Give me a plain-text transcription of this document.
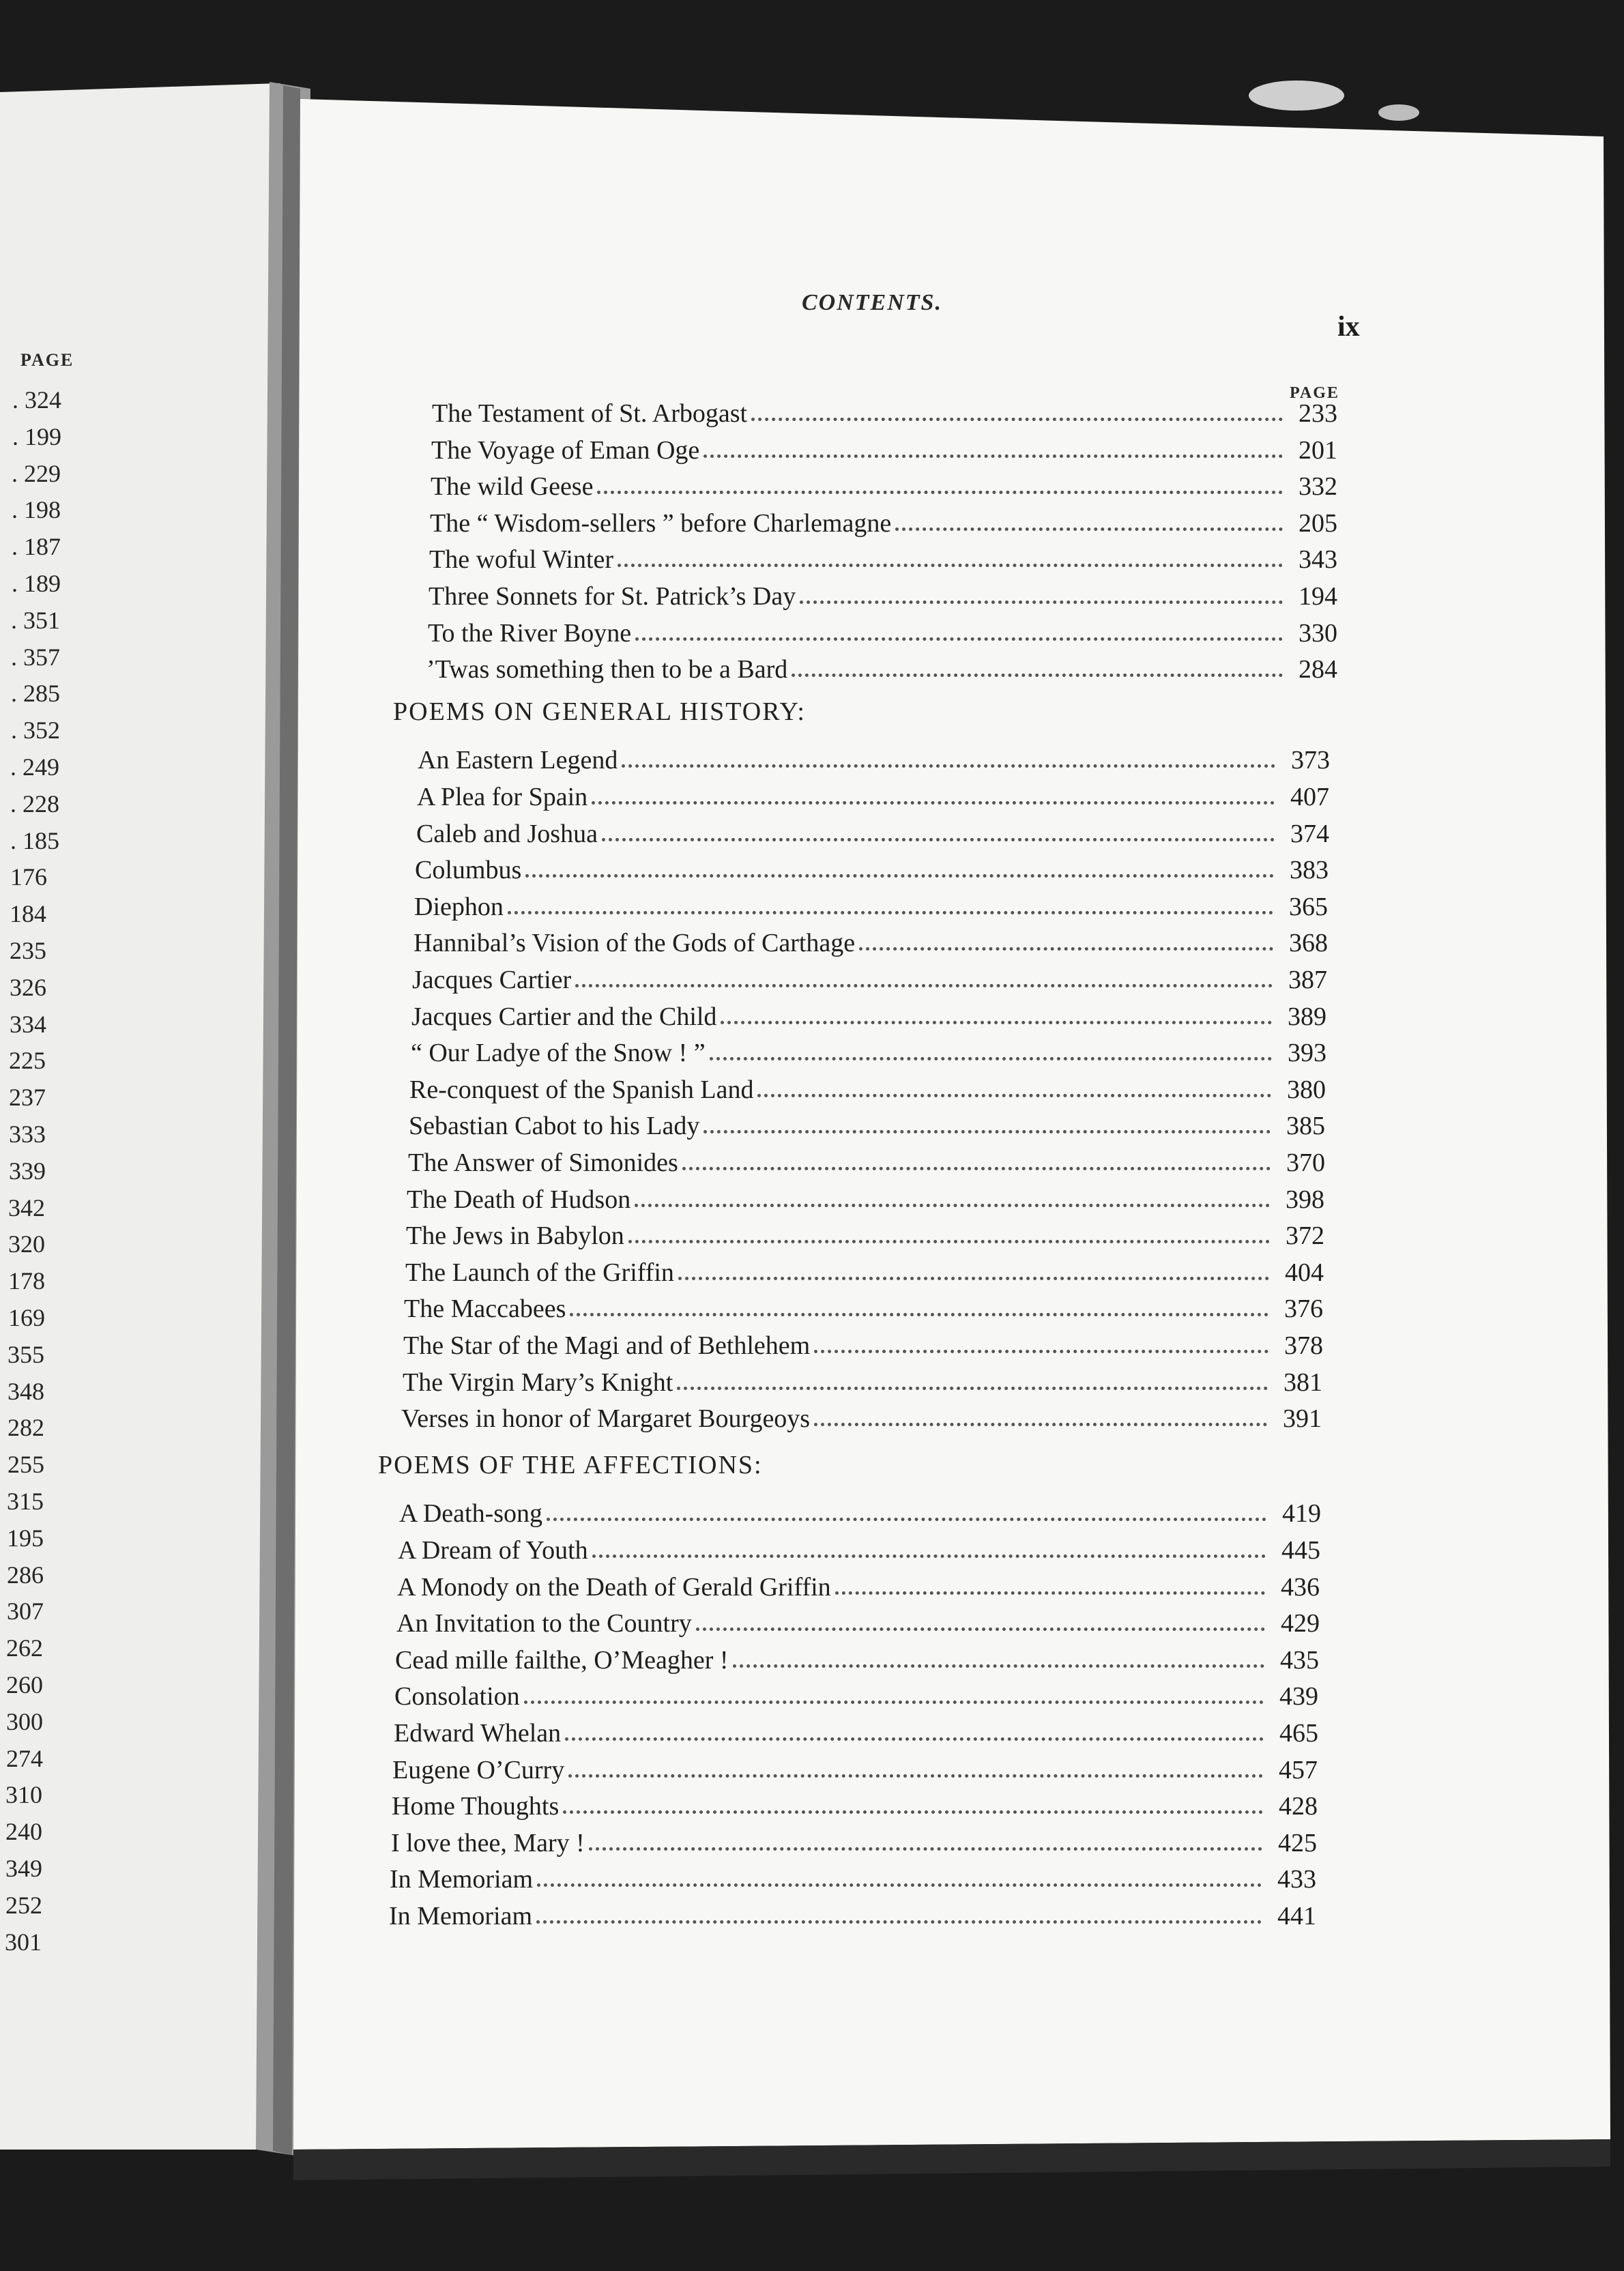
PAGE
. 324
. 199
. 229
. 198
. 187
. 189
. 351
. 357
. 285
. 352
. 249
. 228
. 185
176
184
235
326
334
225
237
333
339
342
320
178
169
355
348
282
255
315
195
286
307
262
260
300
274
310
240
349
252
301
CONTENTS.
ix
PAGE
The Testament of St. Arbogast	233
The Voyage of Eman Oge	201
The wild Geese	332
The “ Wisdom-sellers ” before Charlemagne	205
The woful Winter	343
Three Sonnets for St. Patrick’s Day	194
To the River Boyne	330
’Twas something then to be a Bard	284
POEMS ON GENERAL HISTORY:
An Eastern Legend	373
A Plea for Spain	407
Caleb and Joshua	374
Columbus	383
Diephon	365
Hannibal’s Vision of the Gods of Carthage	368
Jacques Cartier	387
Jacques Cartier and the Child	389
“ Our Ladye of the Snow ! ”	393
Re-conquest of the Spanish Land	380
Sebastian Cabot to his Lady	385
The Answer of Simonides	370
The Death of Hudson	398
The Jews in Babylon	372
The Launch of the Griffin	404
The Maccabees	376
The Star of the Magi and of Bethlehem	378
The Virgin Mary’s Knight	381
Verses in honor of Margaret Bourgeoys	391
POEMS OF THE AFFECTIONS:
A Death-song	419
A Dream of Youth	445
A Monody on the Death of Gerald Griffin	436
An Invitation to the Country	429
Cead mille failthe, O’Meagher !	435
Consolation	439
Edward Whelan	465
Eugene O’Curry	457
Home Thoughts	428
I love thee, Mary !	425
In Memoriam	433
In Memoriam	441
